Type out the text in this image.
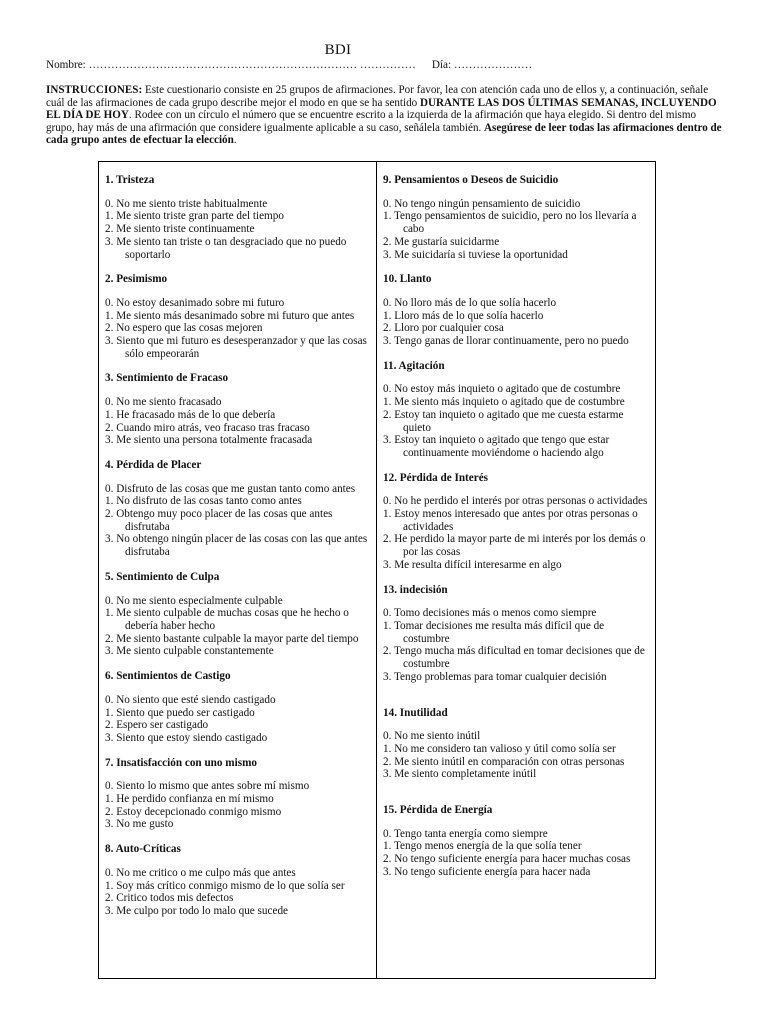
BDI
Nombre: ……………………………………………………………… …………… Día: …………………
INSTRUCCIONES: Este cuestionario consiste en 25 grupos de afirmaciones. Por favor, lea con atención cada uno de ellos y, a continuación, señale cuál de las afirmaciones de cada grupo describe mejor el modo en que se ha sentido DURANTE LAS DOS ÚLTIMAS SEMANAS, INCLUYENDO EL DÍA DE HOY. Rodee con un círculo el número que se encuentre escrito a la izquierda de la afirmación que haya elegido. Si dentro del mismo grupo, hay más de una afirmación que considere igualmente aplicable a su caso, señálela también. Asegúrese de leer todas las afirmaciones dentro de cada grupo antes de efectuar la elección.
1. Tristeza
0. No me siento triste habitualmente
1. Me siento triste gran parte del tiempo
2. Me siento triste continuamente
3. Me siento tan triste o tan desgraciado que no puedo soportarlo
2. Pesimismo
0. No estoy desanimado sobre mi futuro
1. Me siento más desanimado sobre mi futuro que antes
2. No espero que las cosas mejoren
3. Siento que mi futuro es desesperanzador y que las cosas sólo empeorarán
3. Sentimiento de Fracaso
0. No me siento fracasado
1. He fracasado más de lo que debería
2. Cuando miro atrás, veo fracaso tras fracaso
3. Me siento una persona totalmente fracasada
4. Pérdida de Placer
0. Disfruto de las cosas que me gustan tanto como antes
1. No disfruto de las cosas tanto como antes
2. Obtengo muy poco placer de las cosas que antes disfrutaba
3. No obtengo ningún placer de las cosas con las que antes disfrutaba
5. Sentimiento de Culpa
0. No me siento especialmente culpable
1. Me siento culpable de muchas cosas que he hecho o debería haber hecho
2. Me siento bastante culpable la mayor parte del tiempo
3. Me siento culpable constantemente
6. Sentimientos de Castigo
0. No siento que esté siendo castigado
1. Siento que puedo ser castigado
2. Espero ser castigado
3. Siento que estoy siendo castigado
7. Insatisfacción con uno mismo
0. Siento lo mismo que antes sobre mí mismo
1. He perdido confianza en mí mismo
2. Estoy decepcionado conmigo mismo
3. No me gusto
8. Auto-Críticas
0. No me critico o me culpo más que antes
1. Soy más crítico conmigo mismo de lo que solía ser
2. Critico todos mis defectos
3. Me culpo por todo lo malo que sucede
9. Pensamientos o Deseos de Suicidio
0. No tengo ningún pensamiento de suicidio
1. Tengo pensamientos de suicidio, pero no los llevaría a cabo
2. Me gustaría suicidarme
3. Me suicidaría si tuviese la oportunidad
10. Llanto
0. No lloro más de lo que solía hacerlo
1. Lloro más de lo que solía hacerlo
2. Lloro por cualquier cosa
3. Tengo ganas de llorar continuamente, pero no puedo
11. Agitación
0. No estoy más inquieto o agitado que de costumbre
1. Me siento más inquieto o agitado que de costumbre
2. Estoy tan inquieto o agitado que me cuesta estarme quieto
3. Estoy tan inquieto o agitado que tengo que estar continuamente moviéndome o haciendo algo
12. Pérdida de Interés
0. No he perdido el interés por otras personas o actividades
1. Estoy menos interesado que antes por otras personas o actividades
2. He perdido la mayor parte de mi interés por los demás o por las cosas
3. Me resulta difícil interesarme en algo
13. indecisión
0. Tomo decisiones más o menos como siempre
1. Tomar decisiones me resulta más difícil que de costumbre
2. Tengo mucha más dificultad en tomar decisiones que de costumbre
3. Tengo problemas para tomar cualquier decisión
14. Inutilidad
0. No me siento inútil
1. No me considero tan valioso y útil como solía ser
2. Me siento inútil en comparación con otras personas
3. Me siento completamente inútil
15. Pérdida de Energía
0. Tengo tanta energía como siempre
1. Tengo menos energía de la que solía tener
2. No tengo suficiente energía para hacer muchas cosas
3. No tengo suficiente energía para hacer nada
